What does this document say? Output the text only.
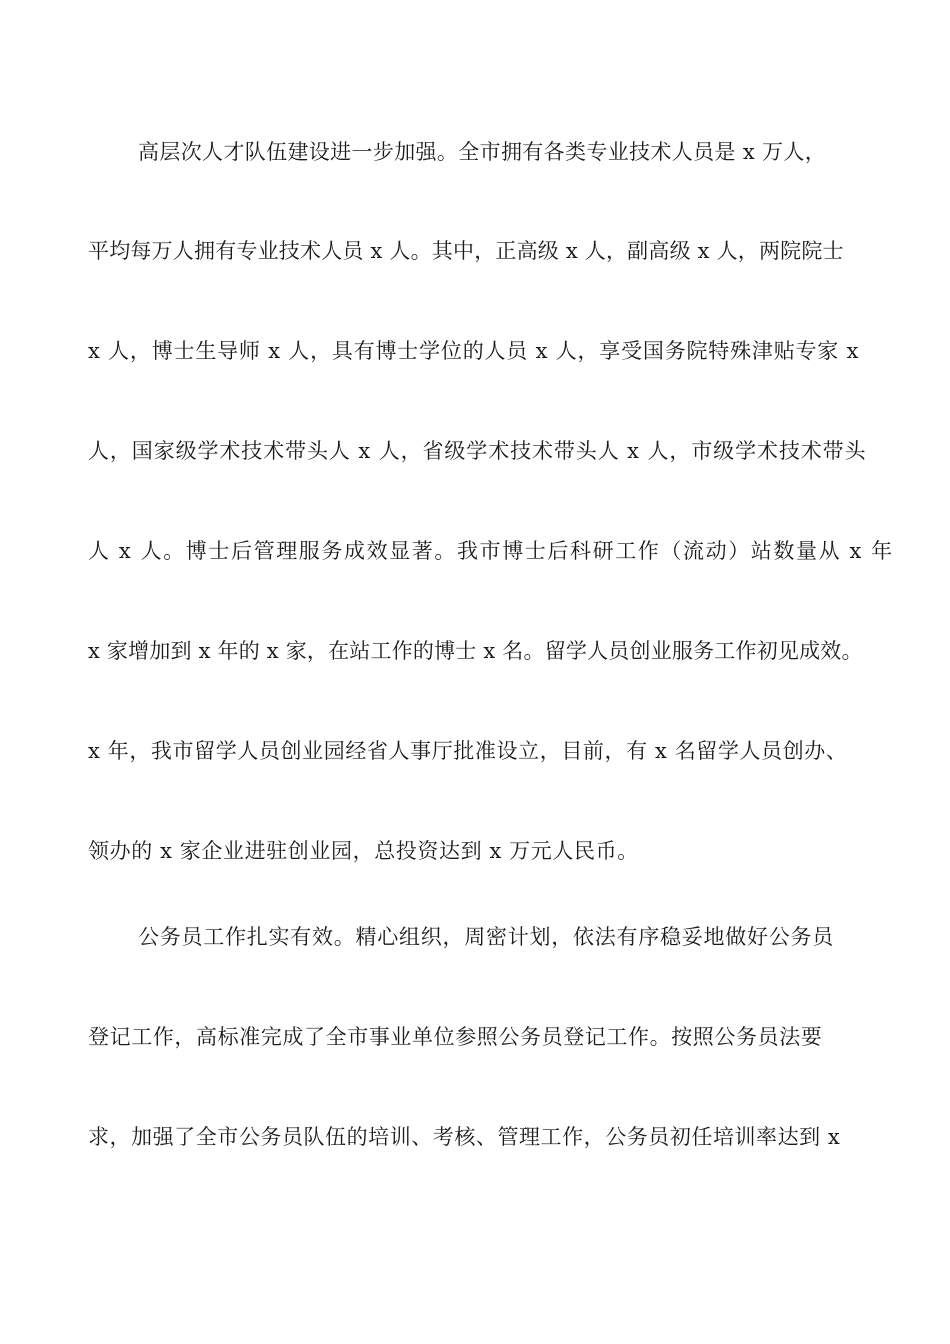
高层次人才队伍建设进一步加强。全市拥有各类专业技术人员是 x 万人，
平均每万人拥有专业技术人员 x 人。其中，正高级 x 人，副高级 x 人，两院院士
x 人，博士生导师 x 人，具有博士学位的人员 x 人，享受国务院特殊津贴专家 x
人，国家级学术技术带头人 x 人，省级学术技术带头人 x 人，市级学术技术带头
人 x 人。博士后管理服务成效显著。我市博士后科研工作（流动）站数量从 x 年
x 家增加到 x 年的 x 家，在站工作的博士 x 名。留学人员创业服务工作初见成效。
x 年，我市留学人员创业园经省人事厅批准设立，目前，有 x 名留学人员创办、
领办的 x 家企业进驻创业园，总投资达到 x 万元人民币。
公务员工作扎实有效。精心组织，周密计划，依法有序稳妥地做好公务员
登记工作，高标准完成了全市事业单位参照公务员登记工作。按照公务员法要
求，加强了全市公务员队伍的培训、考核、管理工作，公务员初任培训率达到 x
